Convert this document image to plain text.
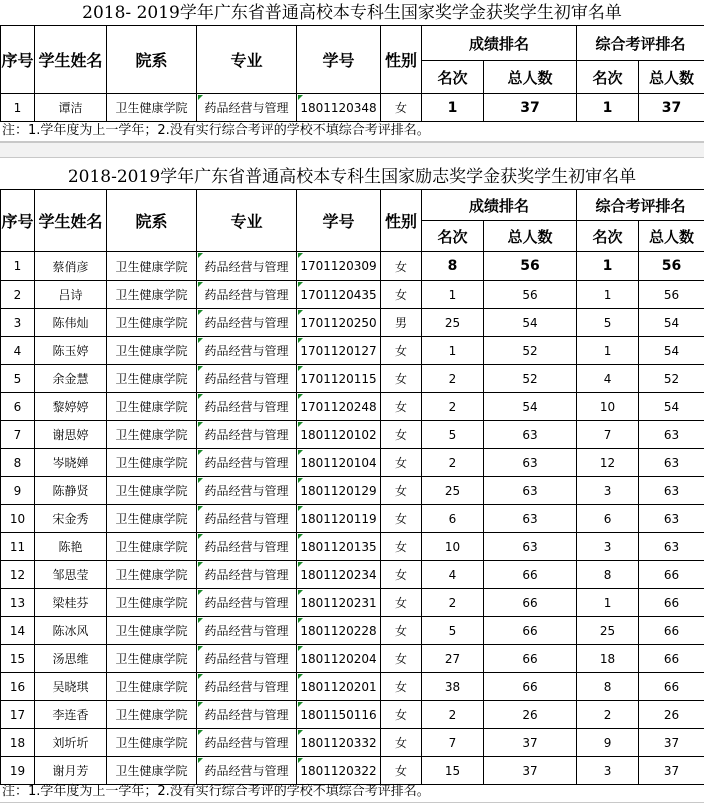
2018- 2019学年广东省普通高校本专科生国家奖学金获奖学生初审名单
序号	学生姓名	院系	专业	学号	性别	成绩排名		综合考评排名	
						名次	总人数	名次	总人数
1	谭洁	卫生健康学院	药品经营与管理	1801120348	女	1	37	1	37
注：1.学年度为上一学年；2.没有实行综合考评的学校不填综合考评排名。
2018-2019学年广东省普通高校本专科生国家励志奖学金获奖学生初审名单
序号	学生姓名	院系	专业	学号	性别	成绩排名		综合考评排名	
						名次	总人数	名次	总人数
1	蔡俏彦	卫生健康学院	药品经营与管理	1701120309	女	8	56	1	56
2	吕诗	卫生健康学院	药品经营与管理	1701120435	女	1	56	1	56
3	陈伟灿	卫生健康学院	药品经营与管理	1701120250	男	25	54	5	54
4	陈玉婷	卫生健康学院	药品经营与管理	1701120127	女	1	52	1	54
5	余金慧	卫生健康学院	药品经营与管理	1701120115	女	2	52	4	52
6	黎婷婷	卫生健康学院	药品经营与管理	1701120248	女	2	54	10	54
7	谢思婷	卫生健康学院	药品经营与管理	1801120102	女	5	63	7	63
8	岑晓婵	卫生健康学院	药品经营与管理	1801120104	女	2	63	12	63
9	陈静贤	卫生健康学院	药品经营与管理	1801120129	女	25	63	3	63
10	宋金秀	卫生健康学院	药品经营与管理	1801120119	女	6	63	6	63
11	陈艳	卫生健康学院	药品经营与管理	1801120135	女	10	63	3	63
12	邹思莹	卫生健康学院	药品经营与管理	1801120234	女	4	66	8	66
13	梁桂芬	卫生健康学院	药品经营与管理	1801120231	女	2	66	1	66
14	陈冰风	卫生健康学院	药品经营与管理	1801120228	女	5	66	25	66
15	汤思维	卫生健康学院	药品经营与管理	1801120204	女	27	66	18	66
16	吴晓琪	卫生健康学院	药品经营与管理	1801120201	女	38	66	8	66
17	李连香	卫生健康学院	药品经营与管理	1801150116	女	2	26	2	26
18	刘圻圻	卫生健康学院	药品经营与管理	1801120332	女	7	37	9	37
19	谢月芳	卫生健康学院	药品经营与管理	1801120322	女	15	37	3	37
注：1.学年度为上一学年；2.没有实行综合考评的学校不填综合考评排名。
